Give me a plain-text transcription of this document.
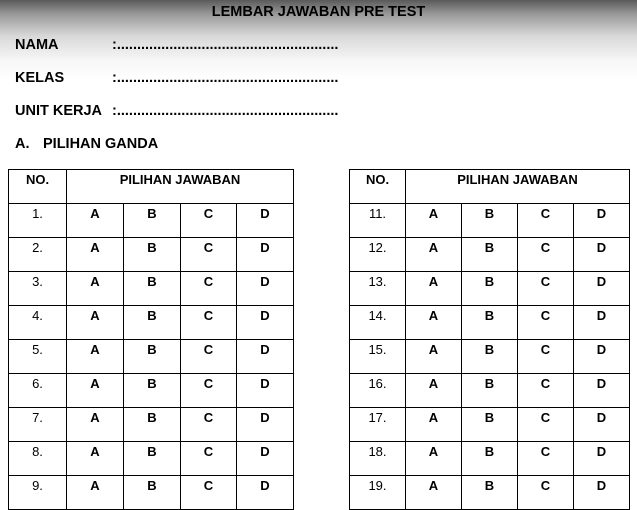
LEMBAR JAWABAN PRE TEST
NAMA	:.......................................................
KELAS	:.......................................................
UNIT KERJA :.......................................................
A. PILIHAN GANDA
NO.	PILIHAN JAWABAN			
1.	A	B	C	D
2.	A	B	C	D
3.	A	B	C	D
4.	A	B	C	D
5.	A	B	C	D
6.	A	B	C	D
7.	A	B	C	D
8.	A	B	C	D
9.	A	B	C	D
NO.	PILIHAN JAWABAN			
11.	A	B	C	D
12.	A	B	C	D
13.	A	B	C	D
14.	A	B	C	D
15.	A	B	C	D
16.	A	B	C	D
17.	A	B	C	D
18.	A	B	C	D
19.	A	B	C	D
